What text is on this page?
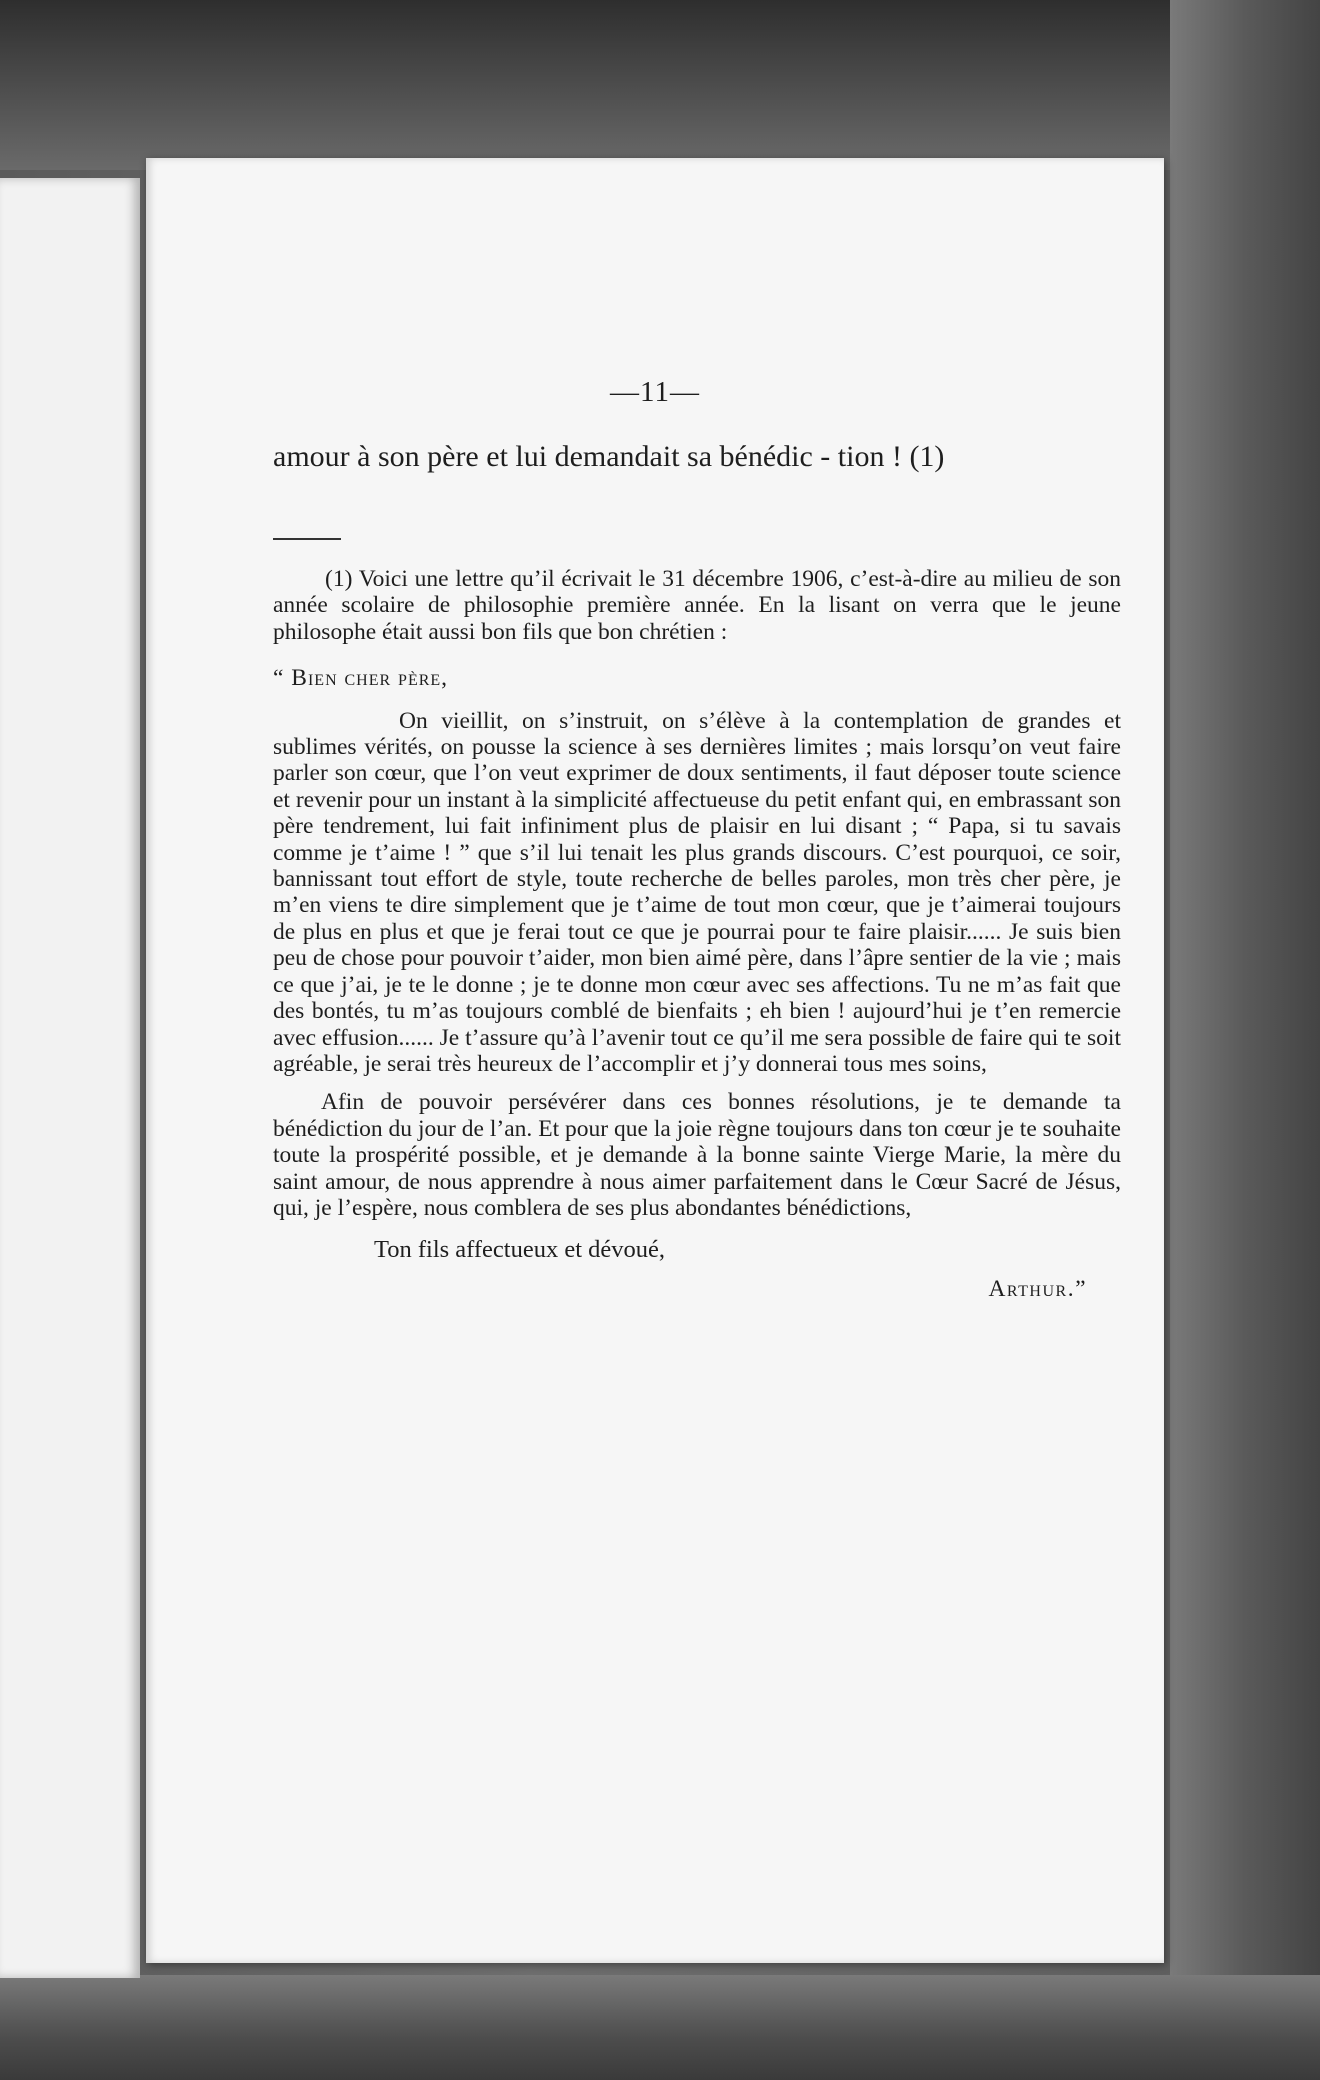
—11—
amour à son père et lui demandait sa bénédic - tion ! (1)

(1) Voici une lettre qu’il écrivait le 31 décembre 1906, c’est-à-dire au milieu de son année scolaire de philosophie première année. En la lisant on verra que le jeune philosophe était aussi bon fils que bon chrétien :

“ Bien cher père,

On vieillit, on s’instruit, on s’élève à la contemplation de grandes et sublimes vérités, on pousse la science à ses dernières limites ; mais lorsqu’on veut faire parler son cœur, que l’on veut exprimer de doux sentiments, il faut déposer toute science et revenir pour un instant à la simplicité affectueuse du petit enfant qui, en embrassant son père tendrement, lui fait infiniment plus de plaisir en lui disant ; “ Papa, si tu savais comme je t’aime ! ” que s’il lui tenait les plus grands discours. C’est pourquoi, ce soir, bannissant tout effort de style, toute recherche de belles paroles, mon très cher père, je m’en viens te dire simplement que je t’aime de tout mon cœur, que je t’aimerai toujours de plus en plus et que je ferai tout ce que je pourrai pour te faire plaisir...... Je suis bien peu de chose pour pouvoir t’aider, mon bien aimé père, dans l’âpre sentier de la vie ; mais ce que j’ai, je te le donne ; je te donne mon cœur avec ses affections. Tu ne m’as fait que des bontés, tu m’as toujours comblé de bienfaits ; eh bien ! aujourd’hui je t’en remercie avec effusion...... Je t’assure qu’à l’avenir tout ce qu’il me sera possible de faire qui te soit agréable, je serai très heureux de l’accomplir et j’y donnerai tous mes soins,

Afin de pouvoir persévérer dans ces bonnes résolutions, je te demande ta bénédiction du jour de l’an. Et pour que la joie règne toujours dans ton cœur je te souhaite toute la prospérité possible, et je demande à la bonne sainte Vierge Marie, la mère du saint amour, de nous apprendre à nous aimer parfaitement dans le Cœur Sacré de Jésus, qui, je l’espère, nous comblera de ses plus abondantes bénédictions,

Ton fils affectueux et dévoué,

Arthur.”
